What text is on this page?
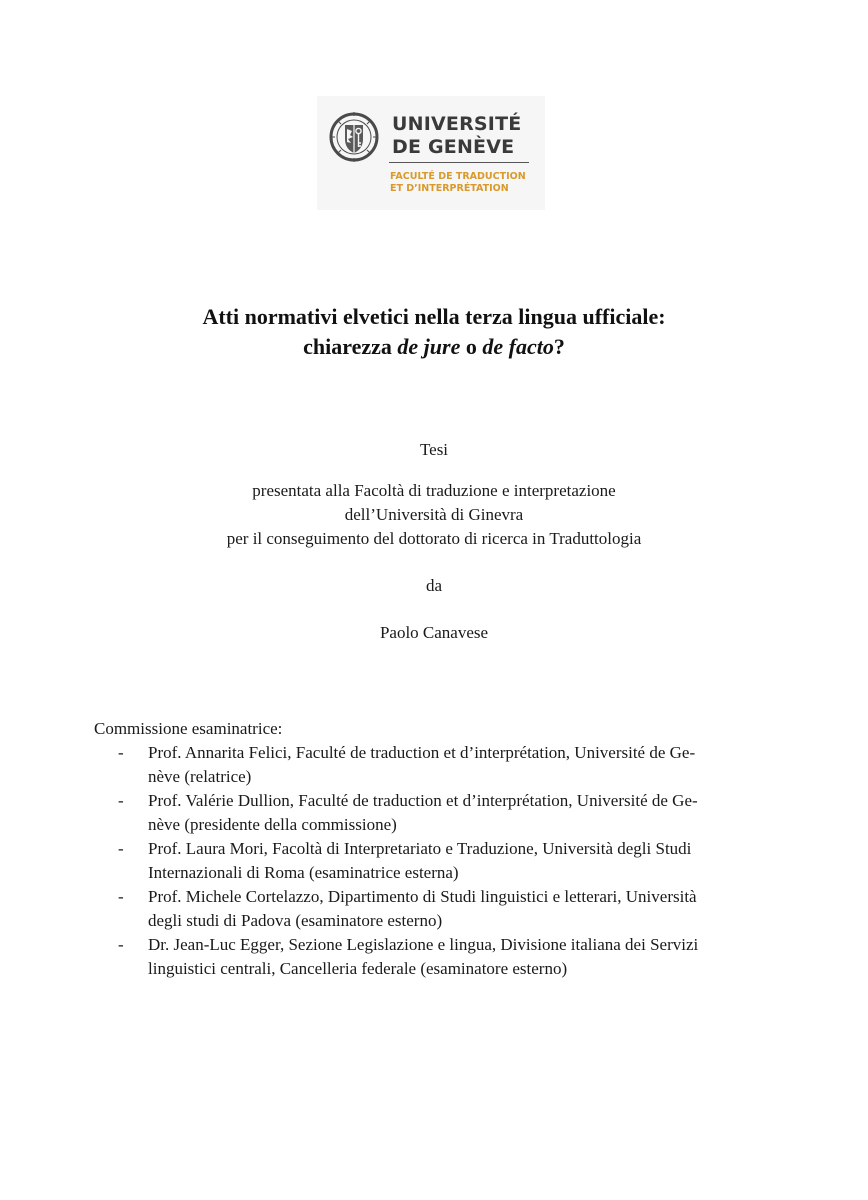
UNIVERSITÉ
DE GENÈVE
FACULTÉ DE TRADUCTION
ET D’INTERPRÉTATION
Atti normativi elvetici nella terza lingua ufficiale:
chiarezza de jure o de facto?
Tesi
presentata alla Facoltà di traduzione e interpretazione
dell’Università di Ginevra
per il conseguimento del dottorato di ricerca in Traduttologia
da
Paolo Canavese
Commissione esaminatrice:
- Prof. Annarita Felici, Faculté de traduction et d’interprétation, Université de Ge-
nève (relatrice)
- Prof. Valérie Dullion, Faculté de traduction et d’interprétation, Université de Ge-
nève (presidente della commissione)
- Prof. Laura Mori, Facoltà di Interpretariato e Traduzione, Università degli Studi
Internazionali di Roma (esaminatrice esterna)
- Prof. Michele Cortelazzo, Dipartimento di Studi linguistici e letterari, Università
degli studi di Padova (esaminatore esterno)
- Dr. Jean-Luc Egger, Sezione Legislazione e lingua, Divisione italiana dei Servizi
linguistici centrali, Cancelleria federale (esaminatore esterno)
